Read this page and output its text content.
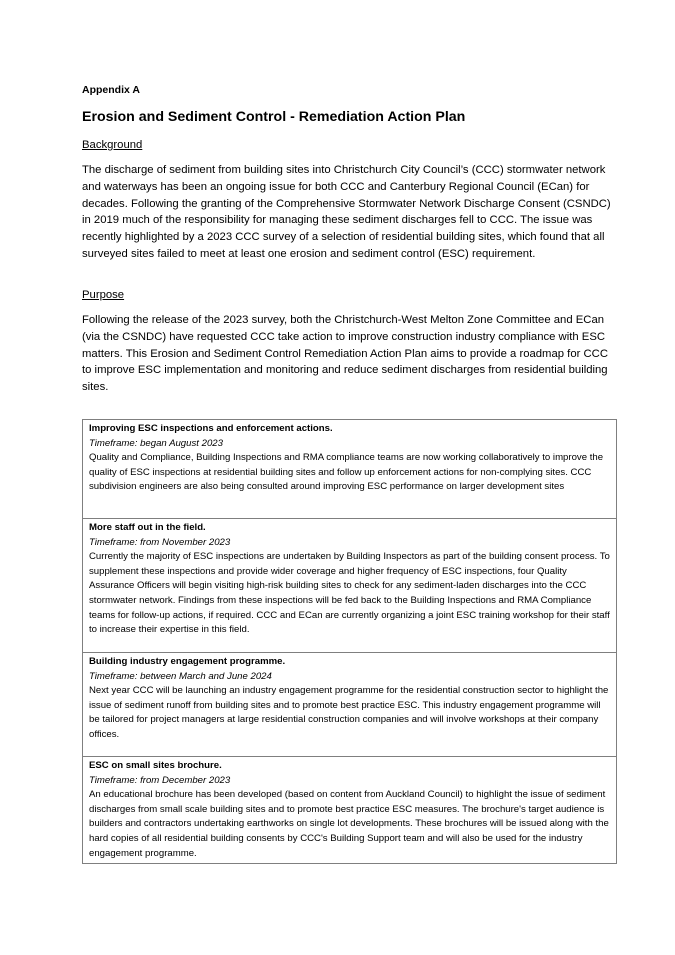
Appendix A
Erosion and Sediment Control - Remediation Action Plan
Background
The discharge of sediment from building sites into Christchurch City Council’s (CCC) stormwater network and waterways has been an ongoing issue for both CCC and Canterbury Regional Council (ECan) for decades. Following the granting of the Comprehensive Stormwater Network Discharge Consent (CSNDC) in 2019 much of the responsibility for managing these sediment discharges fell to CCC. The issue was recently highlighted by a 2023 CCC survey of a selection of residential building sites, which found that all surveyed sites failed to meet at least one erosion and sediment control (ESC) requirement.
Purpose
Following the release of the 2023 survey, both the Christchurch-West Melton Zone Committee and ECan (via the CSNDC) have requested CCC take action to improve construction industry compliance with ESC matters. This Erosion and Sediment Control Remediation Action Plan aims to provide a roadmap for CCC to improve ESC implementation and monitoring and reduce sediment discharges from residential building sites.
Improving ESC inspections and enforcement actions.
Timeframe: began August 2023
Quality and Compliance, Building Inspections and RMA compliance teams are now working collaboratively to improve the quality of ESC inspections at residential building sites and follow up enforcement actions for non-complying sites. CCC subdivision engineers are also being consulted around improving ESC performance on larger development sites
More staff out in the field.
Timeframe: from November 2023
Currently the majority of ESC inspections are undertaken by Building Inspectors as part of the building consent process. To supplement these inspections and provide wider coverage and higher frequency of ESC inspections, four Quality Assurance Officers will begin visiting high-risk building sites to check for any sediment-laden discharges into the CCC stormwater network. Findings from these inspections will be fed back to the Building Inspections and RMA Compliance teams for follow-up actions, if required. CCC and ECan are currently organizing a joint ESC training workshop for their staff to increase their expertise in this field.
Building industry engagement programme.
Timeframe: between March and June 2024
Next year CCC will be launching an industry engagement programme for the residential construction sector to highlight the issue of sediment runoff from building sites and to promote best practice ESC. This industry engagement programme will be tailored for project managers at large residential construction companies and will involve workshops at their company offices.
ESC on small sites brochure.
Timeframe: from December 2023
An educational brochure has been developed (based on content from Auckland Council) to highlight the issue of sediment discharges from small scale building sites and to promote best practice ESC measures. The brochure's target audience is builders and contractors undertaking earthworks on single lot developments. These brochures will be issued along with the hard copies of all residential building consents by CCC's Building Support team and will also be used for the industry engagement programme.
